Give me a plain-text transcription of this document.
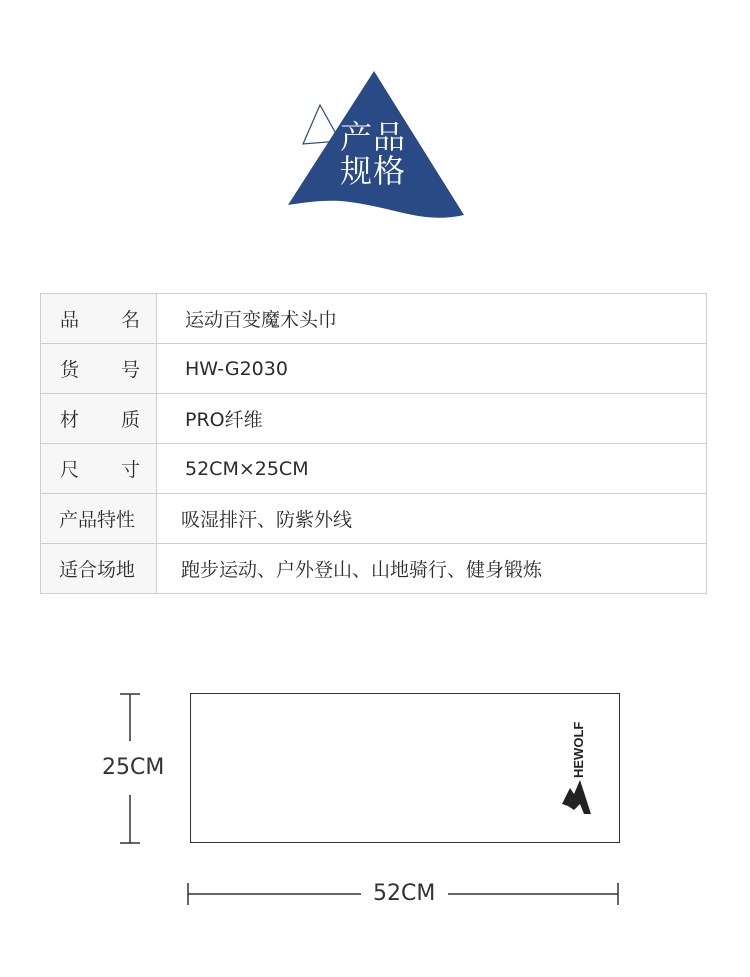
产品
规格
品 名	运动百变魔术头巾

货 号	HW-G2030

材 质	PRO纤维

尺 寸	52CM×25CM

产品特性	吸湿排汗、防紫外线

适合场地	跑步运动、户外登山、山地骑行、健身锻炼
HEWOLF
25CM
52CM
